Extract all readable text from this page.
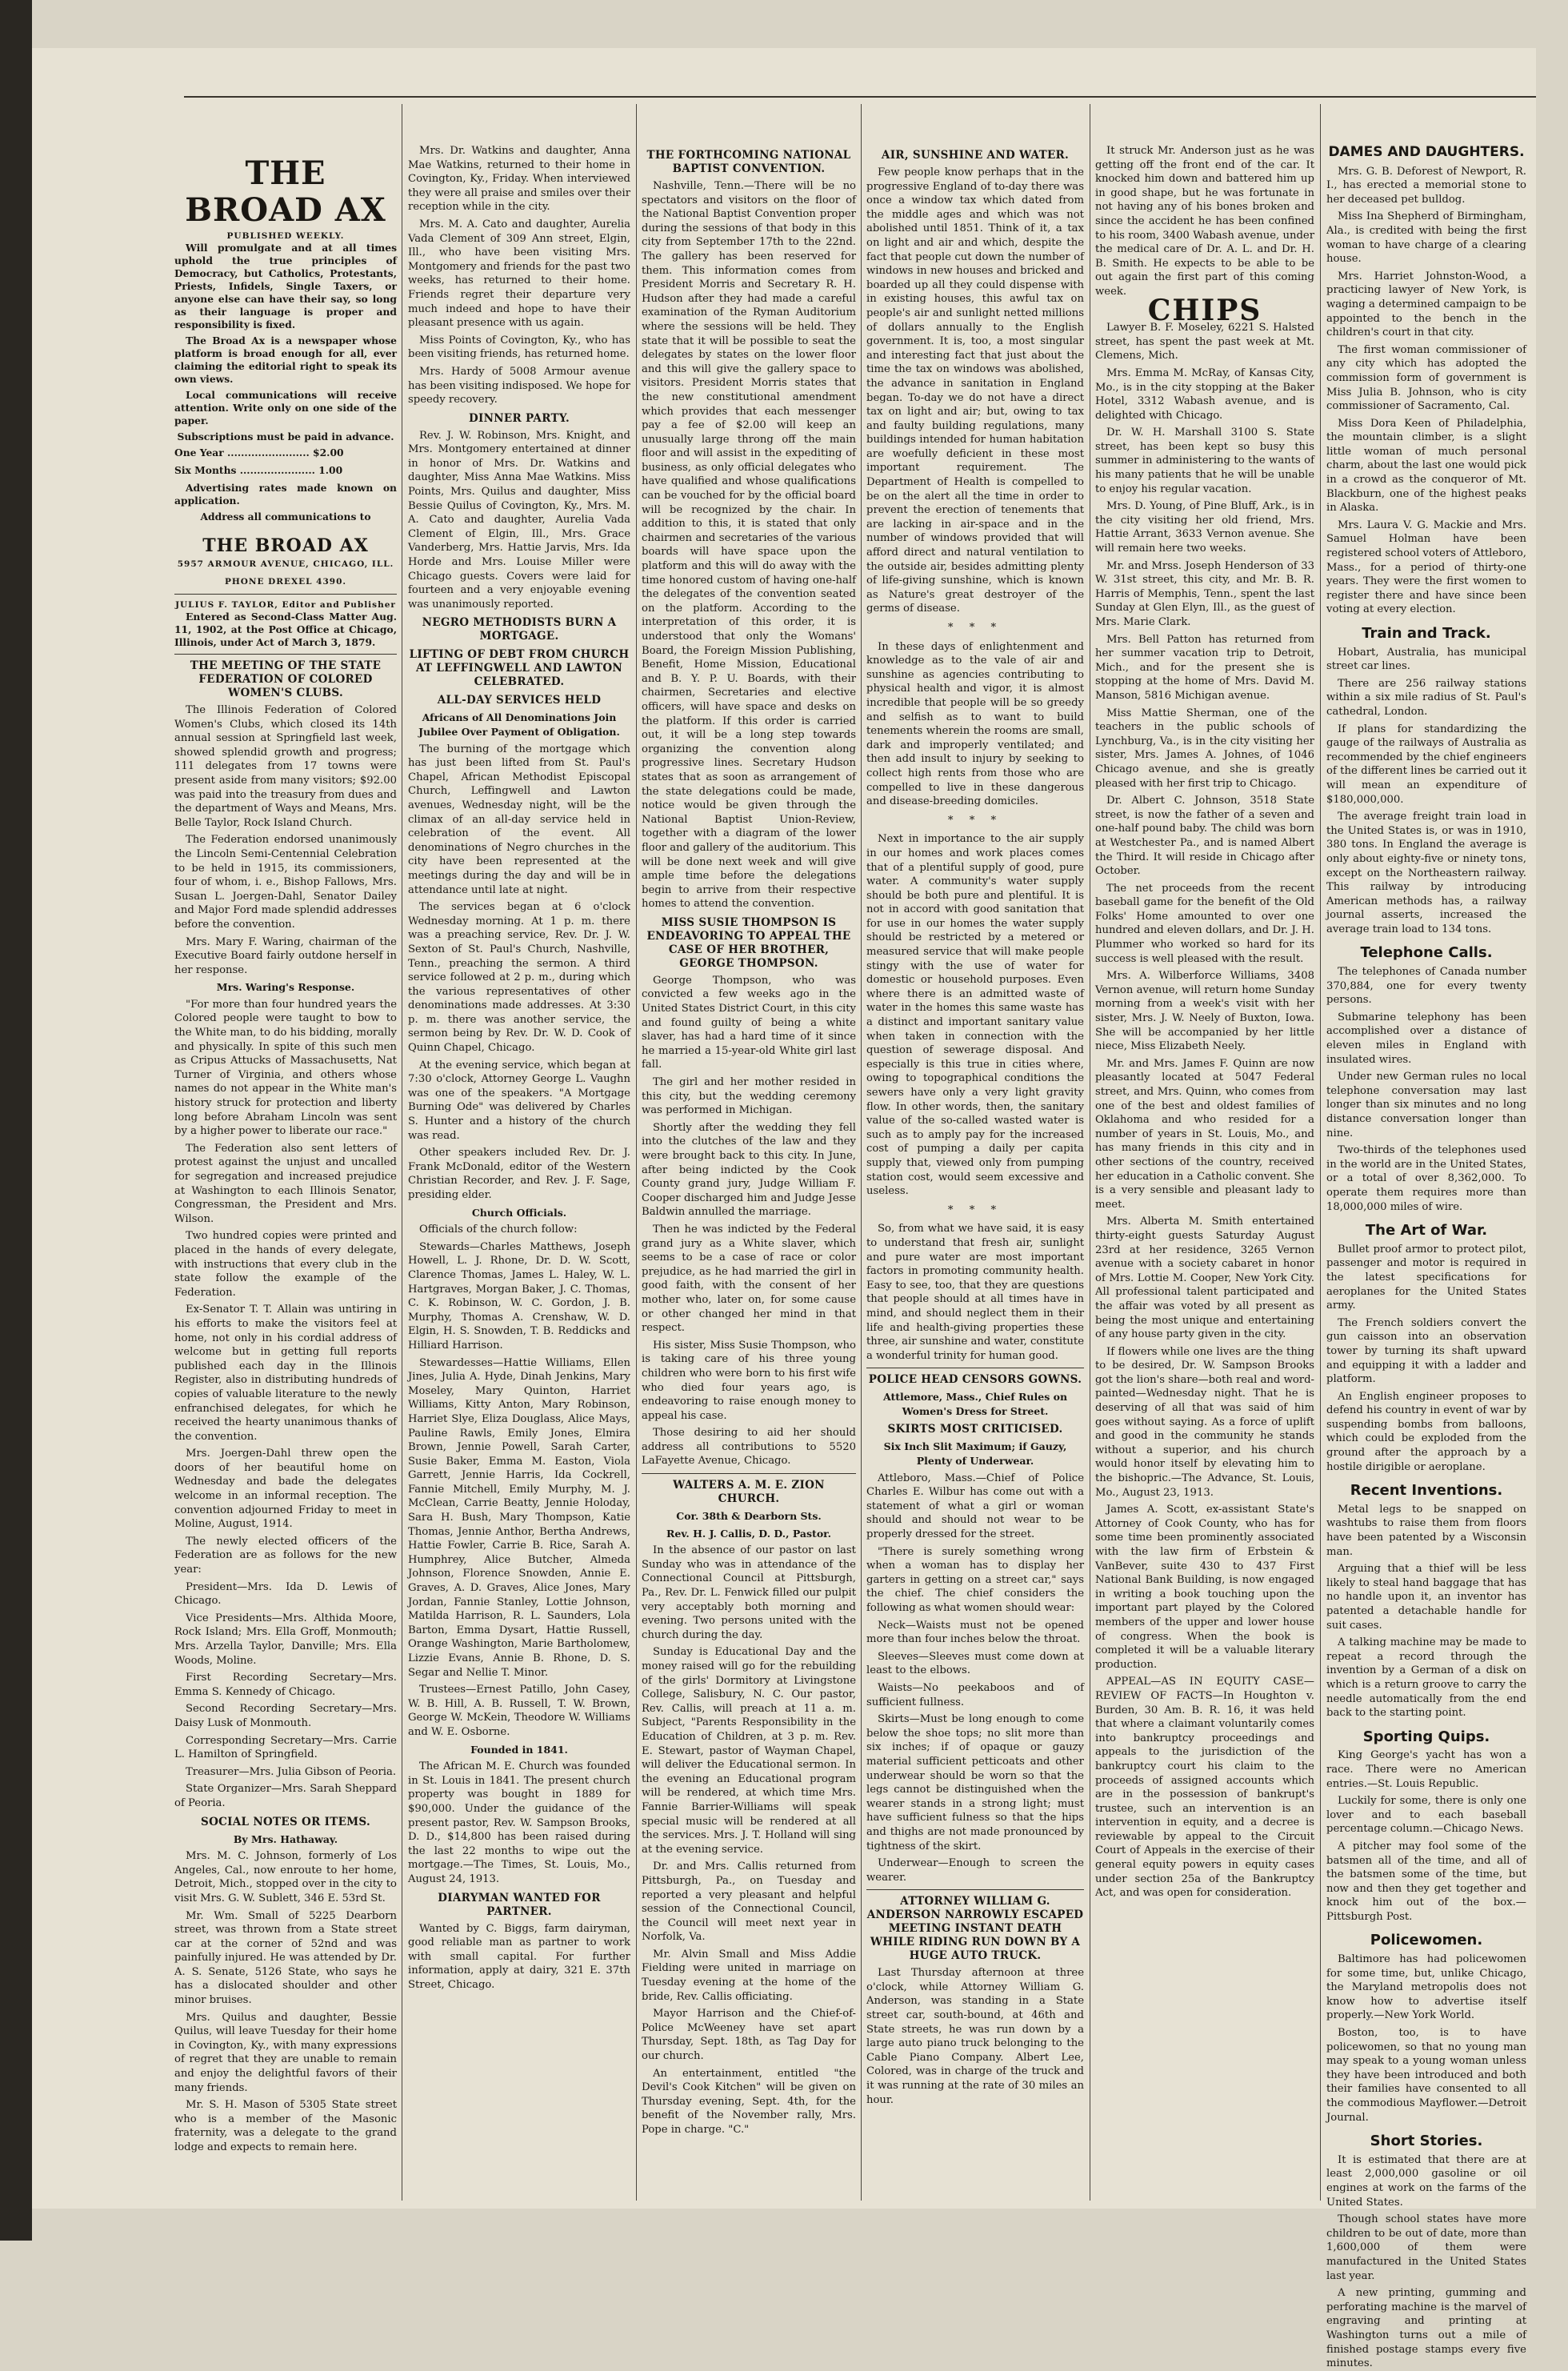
THE BROAD AX
PUBLISHED WEEKLY.

Will promulgate and at all times uphold the true principles of Democracy, but Catholics, Protestants, Priests, Infidels, Single Taxers, or anyone else can have their say, so long as their language is proper and responsibility is fixed.

The Broad Ax is a newspaper whose platform is broad enough for all, ever claiming the editorial right to speak its own views.

Local communications will receive attention. Write only on one side of the paper.

Subscriptions must be paid in advance.

One Year ........................ $2.00
Six Months ...................... 1.00

Advertising rates made known on application.

Address all communications to
THE BROAD AX
5957 ARMOUR AVENUE, CHICAGO, ILL.
PHONE DREXEL 4390.
JULIUS F. TAYLOR, Editor and Publisher

Entered as Second-Class Matter Aug. 11, 1902, at the Post Office at Chicago, Illinois, under Act of March 3, 1879.

THE MEETING OF THE STATE FEDERATION OF COLORED WOMEN'S CLUBS.

The Illinois Federation of Colored Women's Clubs, which closed its 14th annual session at Springfield last week, showed splendid growth and progress; 111 delegates from 17 towns were present aside from many visitors; $92.00 was paid into the treasury from dues and the department of Ways and Means, Mrs. Belle Taylor, Rock Island Church.

The Federation endorsed unanimously the Lincoln Semi-Centennial Celebration to be held in 1915, its commissioners, four of whom, i. e., Bishop Fallows, Mrs. Susan L. Joergen-Dahl, Senator Dailey and Major Ford made splendid addresses before the convention.

Mrs. Mary F. Waring, chairman of the Executive Board fairly outdone herself in her response.

Mrs. Waring's Response.

"For more than four hundred years the Colored people were taught to bow to the White man, to do his bidding, morally and physically. In spite of this such men as Cripus Attucks of Massachusetts, Nat Turner of Virginia, and others whose names do not appear in the White man's history struck for protection and liberty long before Abraham Lincoln was sent by a higher power to liberate our race."

The Federation also sent letters of protest against the unjust and uncalled for segregation and increased prejudice at Washington to each Illinois Senator, Congressman, the President and Mrs. Wilson.

Two hundred copies were printed and placed in the hands of every delegate, with instructions that every club in the state follow the example of the Federation.

Ex-Senator T. T. Allain was untiring in his efforts to make the visitors feel at home, not only in his cordial address of welcome but in getting full reports published each day in the Illinois Register, also in distributing hundreds of copies of valuable literature to the newly enfranchised delegates, for which he received the hearty unanimous thanks of the convention.

Mrs. Joergen-Dahl threw open the doors of her beautiful home on Wednesday and bade the delegates welcome in an informal reception. The convention adjourned Friday to meet in Moline, August, 1914.

The newly elected officers of the Federation are as follows for the new year:

President—Mrs. Ida D. Lewis of Chicago.

Vice Presidents—Mrs. Althida Moore, Rock Island; Mrs. Ella Groff, Monmouth; Mrs. Arzella Taylor, Danville; Mrs. Ella Woods, Moline.

First Recording Secretary—Mrs. Emma S. Kennedy of Chicago.

Second Recording Secretary—Mrs. Daisy Lusk of Monmouth.

Corresponding Secretary—Mrs. Carrie L. Hamilton of Springfield.

Treasurer—Mrs. Julia Gibson of Peoria.

State Organizer—Mrs. Sarah Sheppard of Peoria.

SOCIAL NOTES OR ITEMS.
By Mrs. Hathaway.

Mrs. M. C. Johnson, formerly of Los Angeles, Cal., now enroute to her home, Detroit, Mich., stopped over in the city to visit Mrs. G. W. Sublett, 346 E. 53rd St.

Mr. Wm. Small of 5225 Dearborn street, was thrown from a State street car at the corner of 52nd and was painfully injured. He was attended by Dr. A. S. Senate, 5126 State, who says he has a dislocated shoulder and other minor bruises.

Mrs. Quilus and daughter, Bessie Quilus, will leave Tuesday for their home in Covington, Ky., with many expressions of regret that they are unable to remain and enjoy the delightful favors of their many friends.

Mr. S. H. Mason of 5305 State street who is a member of the Masonic fraternity, was a delegate to the grand lodge and expects to remain here.

Mrs. Dr. Watkins and daughter, Anna Mae Watkins, returned to their home in Covington, Ky., Friday. When interviewed they were all praise and smiles over their reception while in the city.

Mrs. M. A. Cato and daughter, Aurelia Vada Clement of 309 Ann street, Elgin, Ill., who have been visiting Mrs. Montgomery and friends for the past two weeks, has returned to their home. Friends regret their departure very much indeed and hope to have their pleasant presence with us again.

Miss Points of Covington, Ky., who has been visiting friends, has returned home.

Mrs. Hardy of 5008 Armour avenue has been visiting indisposed. We hope for speedy recovery.

DINNER PARTY.

Rev. J. W. Robinson, Mrs. Knight, and Mrs. Montgomery entertained at dinner in honor of Mrs. Dr. Watkins and daughter, Miss Anna Mae Watkins. Miss Points, Mrs. Quilus and daughter, Miss Bessie Quilus of Covington, Ky., Mrs. M. A. Cato and daughter, Aurelia Vada Clement of Elgin, Ill., Mrs. Grace Vanderberg, Mrs. Hattie Jarvis, Mrs. Ida Horde and Mrs. Louise Miller were Chicago guests. Covers were laid for fourteen and a very enjoyable evening was unanimously reported.

NEGRO METHODISTS BURN A MORTGAGE.
LIFTING OF DEBT FROM CHURCH AT LEFFINGWELL AND LAWTON CELEBRATED.
ALL-DAY SERVICES HELD
Africans of All Denominations Join Jubilee Over Payment of Obligation.

The burning of the mortgage which has just been lifted from St. Paul's Chapel, African Methodist Episcopal Church, Leffingwell and Lawton avenues, Wednesday night, will be the climax of an all-day service held in celebration of the event. All denominations of Negro churches in the city have been represented at the meetings during the day and will be in attendance until late at night.

The services began at 6 o'clock Wednesday morning. At 1 p. m. there was a preaching service, Rev. Dr. J. W. Sexton of St. Paul's Church, Nashville, Tenn., preaching the sermon. A third service followed at 2 p. m., during which the various representatives of other denominations made addresses. At 3:30 p. m. there was another service, the sermon being by Rev. Dr. W. D. Cook of Quinn Chapel, Chicago.

At the evening service, which began at 7:30 o'clock, Attorney George L. Vaughn was one of the speakers. "A Mortgage Burning Ode" was delivered by Charles S. Hunter and a history of the church was read.

Other speakers included Rev. Dr. J. Frank McDonald, editor of the Western Christian Recorder, and Rev. J. F. Sage, presiding elder.

Church Officials.

Officials of the church follow:

Stewards—Charles Matthews, Joseph Howell, L. J. Rhone, Dr. D. W. Scott, Clarence Thomas, James L. Haley, W. L. Hartgraves, Morgan Baker, J. C. Thomas, C. K. Robinson, W. C. Gordon, J. B. Murphy, Thomas A. Crenshaw, W. D. Elgin, H. S. Snowden, T. B. Reddicks and Hilliard Harrison.

Stewardesses—Hattie Williams, Ellen Jines, Julia A. Hyde, Dinah Jenkins, Mary Moseley, Mary Quinton, Harriet Williams, Kitty Anton, Mary Robinson, Harriet Slye, Eliza Douglass, Alice Mays, Pauline Rawls, Emily Jones, Elmira Brown, Jennie Powell, Sarah Carter, Susie Baker, Emma M. Easton, Viola Garrett, Jennie Harris, Ida Cockrell, Fannie Mitchell, Emily Murphy, M. J. McClean, Carrie Beatty, Jennie Holoday, Sara H. Bush, Mary Thompson, Katie Thomas, Jennie Anthor, Bertha Andrews, Hattie Fowler, Carrie B. Rice, Sarah A. Humphrey, Alice Butcher, Almeda Johnson, Florence Snowden, Annie E. Graves, A. D. Graves, Alice Jones, Mary Jordan, Fannie Stanley, Lottie Johnson, Matilda Harrison, R. L. Saunders, Lola Barton, Emma Dysart, Hattie Russell, Orange Washington, Marie Bartholomew, Lizzie Evans, Annie B. Rhone, D. S. Segar and Nellie T. Minor.

Trustees—Ernest Patillo, John Casey, W. B. Hill, A. B. Russell, T. W. Brown, George W. McKein, Theodore W. Williams and W. E. Osborne.

Founded in 1841.

The African M. E. Church was founded in St. Louis in 1841. The present church property was bought in 1889 for $90,000. Under the guidance of the present pastor, Rev. W. Sampson Brooks, D. D., $14,800 has been raised during the last 22 months to wipe out the mortgage.—The Times, St. Louis, Mo., August 24, 1913.

DIARYMAN WANTED FOR PARTNER.

Wanted by C. Biggs, farm dairyman, good reliable man as partner to work with small capital. For further information, apply at dairy, 321 E. 37th Street, Chicago.

THE FORTHCOMING NATIONAL BAPTIST CONVENTION.

Nashville, Tenn.—There will be no spectators and visitors on the floor of the National Baptist Convention proper during the sessions of that body in this city from September 17th to the 22nd. The gallery has been reserved for them. This information comes from President Morris and Secretary R. H. Hudson after they had made a careful examination of the Ryman Auditorium where the sessions will be held. They state that it will be possible to seat the delegates by states on the lower floor and this will give the gallery space to visitors. President Morris states that the new constitutional amendment which provides that each messenger pay a fee of $2.00 will keep an unusually large throng off the main floor and will assist in the expediting of business, as only official delegates who have qualified and whose qualifications can be vouched for by the official board will be recognized by the chair. In addition to this, it is stated that only chairmen and secretaries of the various boards will have space upon the platform and this will do away with the time honored custom of having one-half the delegates of the convention seated on the platform. According to the interpretation of this order, it is understood that only the Womans' Board, the Foreign Mission Publishing, Benefit, Home Mission, Educational and B. Y. P. U. Boards, with their chairmen, Secretaries and elective officers, will have space and desks on the platform. If this order is carried out, it will be a long step towards organizing the convention along progressive lines. Secretary Hudson states that as soon as arrangement of the state delegations could be made, notice would be given through the National Baptist Union-Review, together with a diagram of the lower floor and gallery of the auditorium. This will be done next week and will give ample time before the delegations begin to arrive from their respective homes to attend the convention.

MISS SUSIE THOMPSON IS ENDEAVORING TO APPEAL THE CASE OF HER BROTHER, GEORGE THOMPSON.

George Thompson, who was convicted a few weeks ago in the United States District Court, in this city and found guilty of being a white slaver, has had a hard time of it since he married a 15-year-old White girl last fall.

The girl and her mother resided in this city, but the wedding ceremony was performed in Michigan.

Shortly after the wedding they fell into the clutches of the law and they were brought back to this city. In June, after being indicted by the Cook County grand jury, Judge William F. Cooper discharged him and Judge Jesse Baldwin annulled the marriage.

Then he was indicted by the Federal grand jury as a White slaver, which seems to be a case of race or color prejudice, as he had married the girl in good faith, with the consent of her mother who, later on, for some cause or other changed her mind in that respect.

His sister, Miss Susie Thompson, who is taking care of his three young children who were born to his first wife who died four years ago, is endeavoring to raise enough money to appeal his case.

Those desiring to aid her should address all contributions to 5520 LaFayette Avenue, Chicago.

WALTERS A. M. E. ZION CHURCH.
Cor. 38th & Dearborn Sts.
Rev. H. J. Callis, D. D., Pastor.

In the absence of our pastor on last Sunday who was in attendance of the Connectional Council at Pittsburgh, Pa., Rev. Dr. L. Fenwick filled our pulpit very acceptably both morning and evening. Two persons united with the church during the day.

Sunday is Educational Day and the money raised will go for the rebuilding of the girls' Dormitory at Livingstone College, Salisbury, N. C. Our pastor, Rev. Callis, will preach at 11 a. m. Subject, "Parents Responsibility in the Education of Children, at 3 p. m. Rev. E. Stewart, pastor of Wayman Chapel, will deliver the Educational sermon. In the evening an Educational program will be rendered, at which time Mrs. Fannie Barrier-Williams will speak special music will be rendered at all the services. Mrs. J. T. Holland will sing at the evening service.

Dr. and Mrs. Callis returned from Pittsburgh, Pa., on Tuesday and reported a very pleasant and helpful session of the Connectional Council, the Council will meet next year in Norfolk, Va.

Mr. Alvin Small and Miss Addie Fielding were united in marriage on Tuesday evening at the home of the bride, Rev. Callis officiating.

Mayor Harrison and the Chief-of-Police McWeeney have set apart Thursday, Sept. 18th, as Tag Day for our church.

An entertainment, entitled "the Devil's Cook Kitchen" will be given on Thursday evening, Sept. 4th, for the benefit of the November rally, Mrs. Pope in charge. "C."

AIR, SUNSHINE AND WATER.

Few people know perhaps that in the progressive England of to-day there was once a window tax which dated from the middle ages and which was not abolished until 1851. Think of it, a tax on light and air and which, despite the fact that people cut down the number of windows in new houses and bricked and boarded up all they could dispense with in existing houses, this awful tax on people's air and sunlight netted millions of dollars annually to the English government. It is, too, a most singular and interesting fact that just about the time the tax on windows was abolished, the advance in sanitation in England began. To-day we do not have a direct tax on light and air; but, owing to tax and faulty building regulations, many buildings intended for human habitation are woefully deficient in these most important requirement. The Department of Health is compelled to be on the alert all the time in order to prevent the erection of tenements that are lacking in air-space and in the number of windows provided that will afford direct and natural ventilation to the outside air, besides admitting plenty of life-giving sunshine, which is known as Nature's great destroyer of the germs of disease.

* * *

In these days of enlightenment and knowledge as to the vale of air and sunshine as agencies contributing to physical health and vigor, it is almost incredible that people will be so greedy and selfish as to want to build tenements wherein the rooms are small, dark and improperly ventilated; and then add insult to injury by seeking to collect high rents from those who are compelled to live in these dangerous and disease-breeding domiciles.

* * *

Next in importance to the air supply in our homes and work places comes that of a plentiful supply of good, pure water. A community's water supply should be both pure and plentiful. It is not in accord with good sanitation that for use in our homes the water supply should be restricted by a metered or measured service that will make people stingy with the use of water for domestic or household purposes. Even where there is an admitted waste of water in the homes this same waste has a distinct and important sanitary value when taken in connection with the question of sewerage disposal. And especially is this true in cities where, owing to topographical conditions the sewers have only a very light gravity flow. In other words, then, the sanitary value of the so-called wasted water is such as to amply pay for the increased cost of pumping a daily per capita supply that, viewed only from pumping station cost, would seem excessive and useless.

* * *

So, from what we have said, it is easy to understand that fresh air, sunlight and pure water are most important factors in promoting community health. Easy to see, too, that they are questions that people should at all times have in mind, and should neglect them in their life and health-giving properties these three, air sunshine and water, constitute a wonderful trinity for human good.

POLICE HEAD CENSORS GOWNS.
Attlemore, Mass., Chief Rules on Women's Dress for Street.
SKIRTS MOST CRITICISED.
Six Inch Slit Maximum; if Gauzy, Plenty of Underwear.

Attleboro, Mass.—Chief of Police Charles E. Wilbur has come out with a statement of what a girl or woman should and should not wear to be properly dressed for the street.

"There is surely something wrong when a woman has to display her garters in getting on a street car," says the chief. The chief considers the following as what women should wear:

Neck—Waists must not be opened more than four inches below the throat.

Sleeves—Sleeves must come down at least to the elbows.

Waists—No peekaboos and of sufficient fullness.

Skirts—Must be long enough to come below the shoe tops; no slit more than six inches; if of opaque or gauzy material sufficient petticoats and other underwear should be worn so that the legs cannot be distinguished when the wearer stands in a strong light; must have sufficient fulness so that the hips and thighs are not made pronounced by tightness of the skirt.

Underwear—Enough to screen the wearer.

ATTORNEY WILLIAM G. ANDERSON NARROWLY ESCAPED MEETING INSTANT DEATH WHILE RIDING RUN DOWN BY A HUGE AUTO TRUCK.

Last Thursday afternoon at three o'clock, while Attorney William G. Anderson, was standing in a State street car, south-bound, at 46th and State streets, he was run down by a large auto piano truck belonging to the Cable Piano Company. Albert Lee, Colored, was in charge of the truck and it was running at the rate of 30 miles an hour.

It struck Mr. Anderson just as he was getting off the front end of the car. It knocked him down and battered him up in good shape, but he was fortunate in not having any of his bones broken and since the accident he has been confined to his room, 3400 Wabash avenue, under the medical care of Dr. A. L. and Dr. H. B. Smith. He expects to be able to be out again the first part of this coming week.

CHIPS

Lawyer B. F. Moseley, 6221 S. Halsted street, has spent the past week at Mt. Clemens, Mich.

Mrs. Emma M. McRay, of Kansas City, Mo., is in the city stopping at the Baker Hotel, 3312 Wabash avenue, and is delighted with Chicago.

Dr. W. H. Marshall 3100 S. State street, has been kept so busy this summer in administering to the wants of his many patients that he will be unable to enjoy his regular vacation.

Mrs. D. Young, of Pine Bluff, Ark., is in the city visiting her old friend, Mrs. Hattie Arrant, 3633 Vernon avenue. She will remain here two weeks.

Mr. and Mrss. Joseph Henderson of 33 W. 31st street, this city, and Mr. B. R. Harris of Memphis, Tenn., spent the last Sunday at Glen Elyn, Ill., as the guest of Mrs. Marie Clark.

Mrs. Bell Patton has returned from her summer vacation trip to Detroit, Mich., and for the present she is stopping at the home of Mrs. David M. Manson, 5816 Michigan avenue.

Miss Mattie Sherman, one of the teachers in the public schools of Lynchburg, Va., is in the city visiting her sister, Mrs. James A. Johnes, of 1046 Chicago avenue, and she is greatly pleased with her first trip to Chicago.

Dr. Albert C. Johnson, 3518 State street, is now the father of a seven and one-half pound baby. The child was born at Westchester Pa., and is named Albert the Third. It will reside in Chicago after October.

The net proceeds from the recent baseball game for the benefit of the Old Folks' Home amounted to over one hundred and eleven dollars, and Dr. J. H. Plummer who worked so hard for its success is well pleased with the result.

Mrs. A. Wilberforce Williams, 3408 Vernon avenue, will return home Sunday morning from a week's visit with her sister, Mrs. J. W. Neely of Buxton, Iowa. She will be accompanied by her little niece, Miss Elizabeth Neely.

Mr. and Mrs. James F. Quinn are now pleasantly located at 5047 Federal street, and Mrs. Quinn, who comes from one of the best and oldest families of Oklahoma and who resided for a number of years in St. Louis, Mo., and has many friends in this city and in other sections of the country, received her education in a Catholic convent. She is a very sensible and pleasant lady to meet.

Mrs. Alberta M. Smith entertained thirty-eight guests Saturday August 23rd at her residence, 3265 Vernon avenue with a society cabaret in honor of Mrs. Lottie M. Cooper, New York City. All professional talent participated and the affair was voted by all present as being the most unique and entertaining of any house party given in the city.

If flowers while one lives are the thing to be desired, Dr. W. Sampson Brooks got the lion's share—both real and word-painted—Wednesday night. That he is deserving of all that was said of him goes without saying. As a force of uplift and good in the community he stands without a superior, and his church would honor itself by elevating him to the bishopric.—The Advance, St. Louis, Mo., August 23, 1913.

James A. Scott, ex-assistant State's Attorney of Cook County, who has for some time been prominently associated with the law firm of Erbstein & VanBever, suite 430 to 437 First National Bank Building, is now engaged in writing a book touching upon the important part played by the Colored members of the upper and lower house of congress. When the book is completed it will be a valuable literary production.

APPEAL—AS IN EQUITY CASE—REVIEW OF FACTS—In Houghton v. Burden, 30 Am. B. R. 16, it was held that where a claimant voluntarily comes into bankruptcy proceedings and appeals to the jurisdiction of the bankruptcy court his claim to the proceeds of assigned accounts which are in the possession of bankrupt's trustee, such an intervention is an intervention in equity, and a decree is reviewable by appeal to the Circuit Court of Appeals in the exercise of their general equity powers in equity cases under section 25a of the Bankruptcy Act, and was open for consideration.

DAMES AND DAUGHTERS.

Mrs. G. B. Deforest of Newport, R. I., has erected a memorial stone to her deceased pet bulldog.

Miss Ina Shepherd of Birmingham, Ala., is credited with being the first woman to have charge of a clearing house.

Mrs. Harriet Johnston-Wood, a practicing lawyer of New York, is waging a determined campaign to be appointed to the bench in the children's court in that city.

The first woman commissioner of any city which has adopted the commission form of government is Miss Julia B. Johnson, who is city commissioner of Sacramento, Cal.

Miss Dora Keen of Philadelphia, the mountain climber, is a slight little woman of much personal charm, about the last one would pick in a crowd as the conqueror of Mt. Blackburn, one of the highest peaks in Alaska.

Mrs. Laura V. G. Mackie and Mrs. Samuel Holman have been registered school voters of Attleboro, Mass., for a period of thirty-one years. They were the first women to register there and have since been voting at every election.

Train and Track.

Hobart, Australia, has municipal street car lines.

There are 256 railway stations within a six mile radius of St. Paul's cathedral, London.

If plans for standardizing the gauge of the railways of Australia as recommended by the chief engineers of the different lines be carried out it will mean an expenditure of $180,000,000.

The average freight train load in the United States is, or was in 1910, 380 tons. In England the average is only about eighty-five or ninety tons, except on the Northeastern railway. This railway by introducing American methods has, a railway journal asserts, increased the average train load to 134 tons.

Telephone Calls.

The telephones of Canada number 370,884, one for every twenty persons.

Submarine telephony has been accomplished over a distance of eleven miles in England with insulated wires.

Under new German rules no local telephone conversation may last longer than six minutes and no long distance conversation longer than nine.

Two-thirds of the telephones used in the world are in the United States, or a total of over 8,362,000. To operate them requires more than 18,000,000 miles of wire.

The Art of War.

Bullet proof armor to protect pilot, passenger and motor is required in the latest specifications for aeroplanes for the United States army.

The French soldiers convert the gun caisson into an observation tower by turning its shaft upward and equipping it with a ladder and platform.

An English engineer proposes to defend his country in event of war by suspending bombs from balloons, which could be exploded from the ground after the approach by a hostile dirigible or aeroplane.

Recent Inventions.

Metal legs to be snapped on washtubs to raise them from floors have been patented by a Wisconsin man.

Arguing that a thief will be less likely to steal hand baggage that has no handle upon it, an inventor has patented a detachable handle for suit cases.

A talking machine may be made to repeat a record through the invention by a German of a disk on which is a return groove to carry the needle automatically from the end back to the starting point.

Sporting Quips.

King George's yacht has won a race. There were no American entries.—St. Louis Republic.

Luckily for some, there is only one lover and to each baseball percentage column.—Chicago News.

A pitcher may fool some of the batsmen all of the time, and all of the batsmen some of the time, but now and then they get together and knock him out of the box.—Pittsburgh Post.

Policewomen.

Baltimore has had policewomen for some time, but, unlike Chicago, the Maryland metropolis does not know how to advertise itself properly.—New York World.

Boston, too, is to have policewomen, so that no young man may speak to a young woman unless they have been introduced and both their families have consented to all the commodious Mayflower.—Detroit Journal.

Short Stories.

It is estimated that there are at least 2,000,000 gasoline or oil engines at work on the farms of the United States.

Though school states have more children to be out of date, more than 1,600,000 of them were manufactured in the United States last year.

A new printing, gumming and perforating machine is the marvel of engraving and printing at Washington turns out a mile of finished postage stamps every five minutes.
